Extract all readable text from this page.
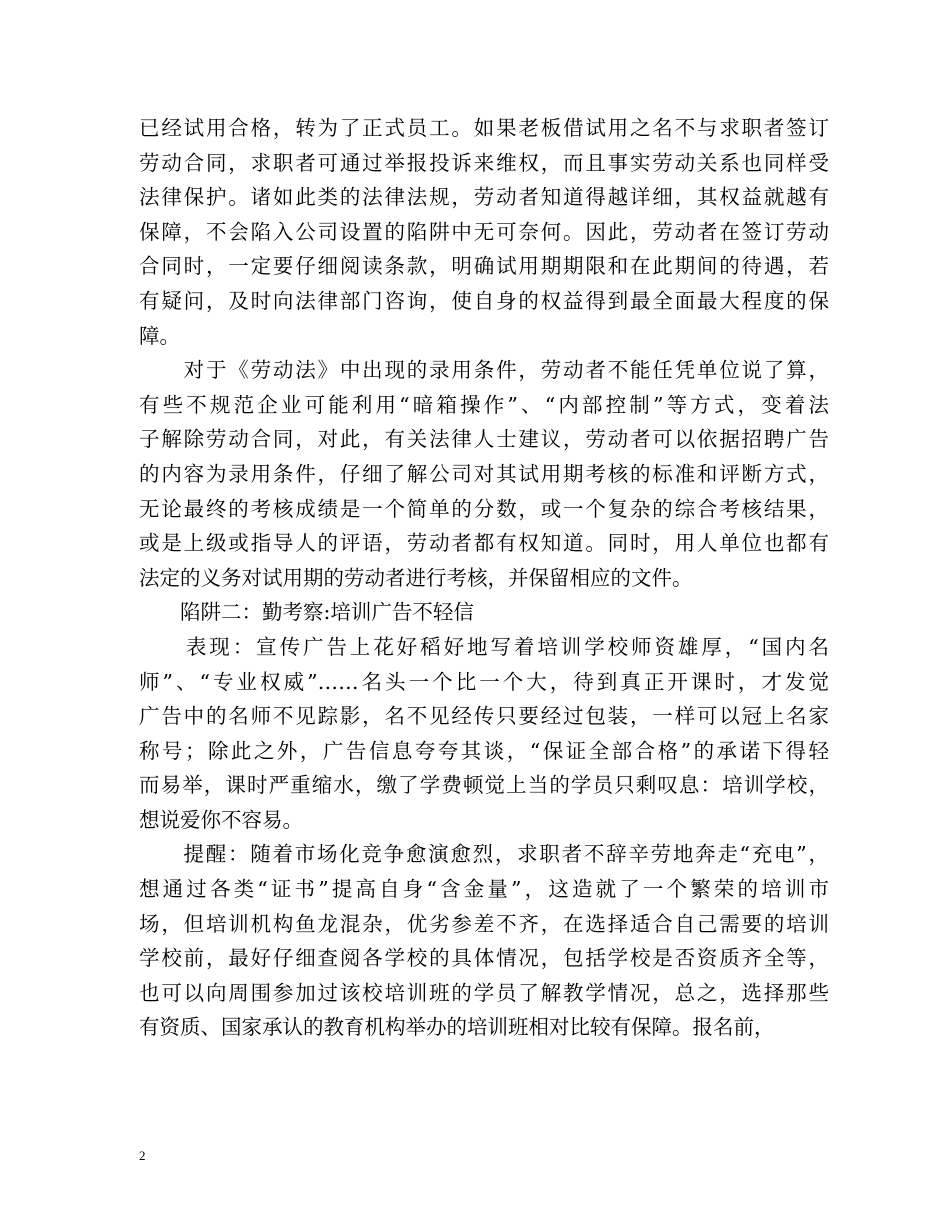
已经试用合格，转为了正式员工。如果老板借试用之名不与求职者签订
劳动合同，求职者可通过举报投诉来维权，而且事实劳动关系也同样受
法律保护。诸如此类的法律法规，劳动者知道得越详细，其权益就越有
保障，不会陷入公司设置的陷阱中无可奈何。因此，劳动者在签订劳动
合同时，一定要仔细阅读条款，明确试用期期限和在此期间的待遇，若
有疑问，及时向法律部门咨询，使自身的权益得到最全面最大程度的保
障。
　　对于《劳动法》中出现的录用条件，劳动者不能任凭单位说了算，
有些不规范企业可能利用“暗箱操作”、“内部控制”等方式，变着法
子解除劳动合同，对此，有关法律人士建议，劳动者可以依据招聘广告
的内容为录用条件，仔细了解公司对其试用期考核的标准和评断方式，
无论最终的考核成绩是一个简单的分数，或一个复杂的综合考核结果，
或是上级或指导人的评语，劳动者都有权知道。同时，用人单位也都有
法定的义务对试用期的劳动者进行考核，并保留相应的文件。
　　陷阱二：勤考察:培训广告不轻信
　　表现：宣传广告上花好稻好地写着培训学校师资雄厚，“国内名
师”、“专业权威”……名头一个比一个大，待到真正开课时，才发觉
广告中的名师不见踪影，名不见经传只要经过包装，一样可以冠上名家
称号；除此之外，广告信息夸夸其谈，“保证全部合格”的承诺下得轻
而易举，课时严重缩水，缴了学费顿觉上当的学员只剩叹息：培训学校，
想说爱你不容易。
　　提醒：随着市场化竞争愈演愈烈，求职者不辞辛劳地奔走“充电”，
想通过各类“证书”提高自身“含金量”，这造就了一个繁荣的培训市
场，但培训机构鱼龙混杂，优劣参差不齐，在选择适合自己需要的培训
学校前，最好仔细查阅各学校的具体情况，包括学校是否资质齐全等，
也可以向周围参加过该校培训班的学员了解教学情况，总之，选择那些
有资质、国家承认的教育机构举办的培训班相对比较有保障。报名前，
2
